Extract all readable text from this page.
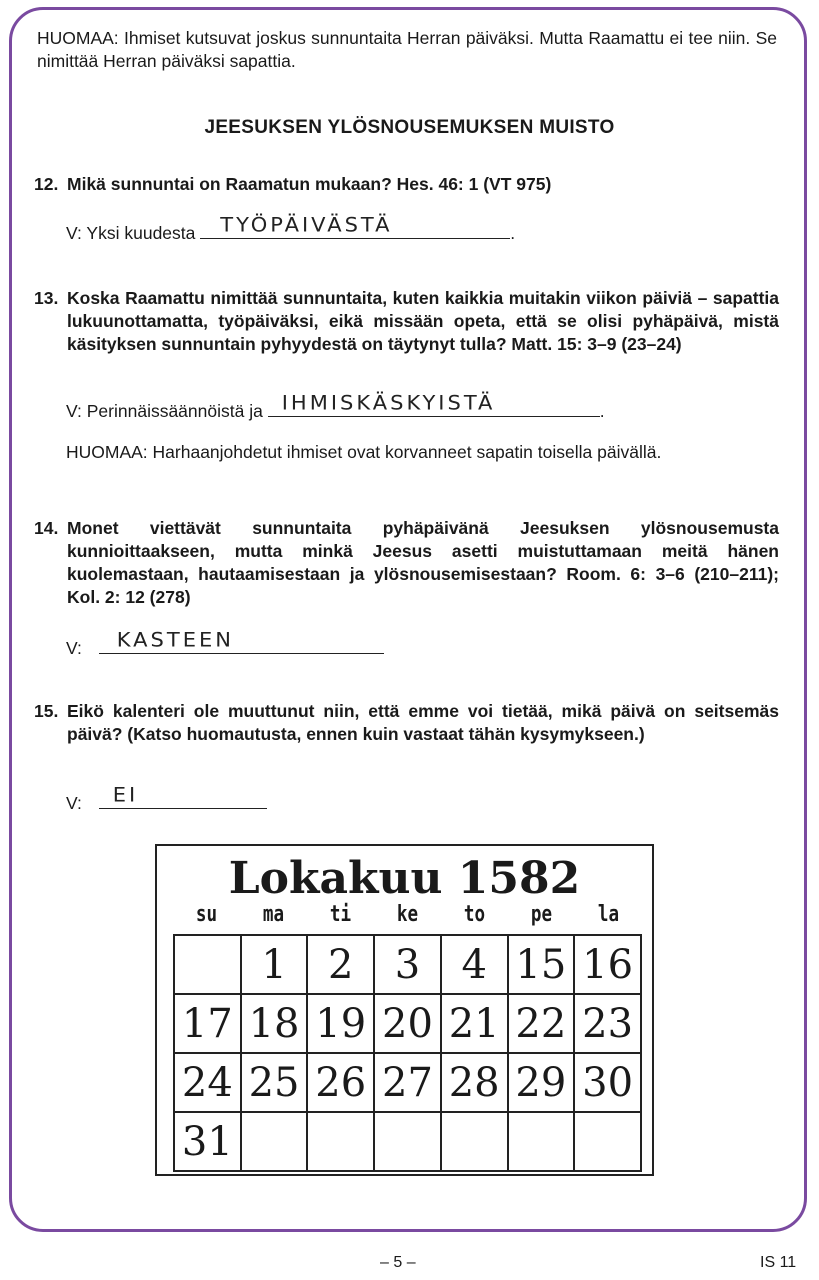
HUOMAA: Ihmiset kutsuvat joskus sunnuntaita Herran päiväksi. Mutta Raamattu ei tee niin. Se nimittää Herran päiväksi sapattia.
JEESUKSEN YLÖSNOUSEMUKSEN MUISTO
12. Mikä sunnuntai on Raamatun mukaan? Hes. 46: 1 (VT 975)
V: Yksi kuudesta TYÖPÄIVÄSTÄ	.
13. Koska Raamattu nimittää sunnuntaita, kuten kaikkia muitakin viikon päiviä – sapattia lukuunottamatta, työpäiväksi, eikä missään opeta, että se olisi pyhäpäivä, mistä käsityksen sunnuntain pyhyydestä on täytynyt tulla? Matt. 15: 3–9 (23–24)
V: Perinnäissäännöistä ja IHMISKÄSKYISTÄ	.
HUOMAA: Harhaanjohdetut ihmiset ovat korvanneet sapatin toisella päivällä.
14. Monet viettävät sunnuntaita pyhäpäivänä Jeesuksen ylösnousemusta kunnioittaakseen, mutta minkä Jeesus asetti muistuttamaan meitä hänen kuolemastaan, hautaamisestaan ja ylösnousemisestaan? Room. 6: 3–6 (210–211); Kol. 2: 12 (278)
V: KASTEEN
15. Eikö kalenteri ole muuttunut niin, että emme voi tietää, mikä päivä on seitsemäs päivä? (Katso huomautusta, ennen kuin vastaat tähän kysymykseen.)
V: EI
Lokakuu 1582
su	ma	ti	ke	to	pe	la
	1	2	3	4	15	16
17	18	19	20	21	22	23
24	25	26	27	28	29	30
31						
– 5 –	IS 11
